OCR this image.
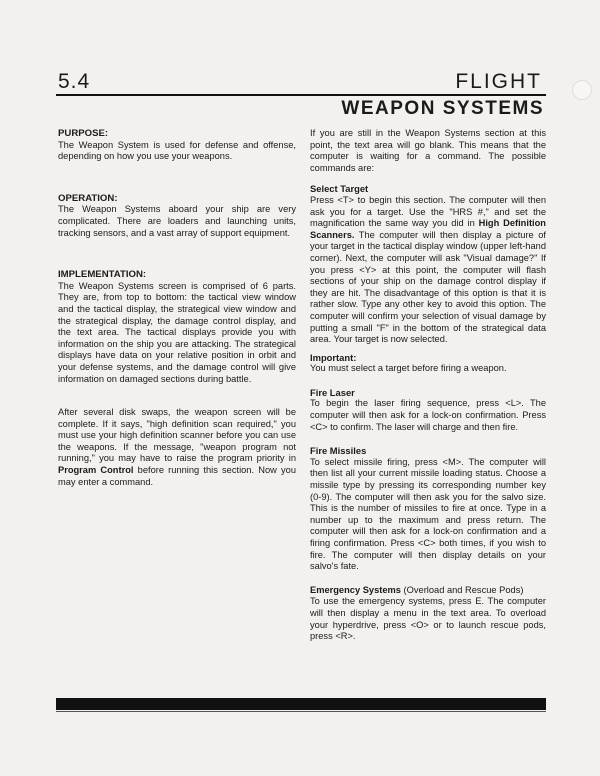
5.4	FLIGHT
WEAPON SYSTEMS
PURPOSE:

The Weapon System is used for defense and offense, depending on how you use your weapons.

OPERATION:

The Weapon Systems aboard your ship are very complicated. There are loaders and launching units, tracking sensors, and a vast array of support equipment.

IMPLEMENTATION:

The Weapon Systems screen is comprised of 6 parts. They are, from top to bottom: the tactical view window and the tactical display, the strategical view window and the strategical display, the damage control display, and the text area. The tactical displays provide you with information on the ship you are attacking. The strategical displays have data on your relative position in orbit and your defense systems, and the damage control will give information on damaged sections during battle.

After several disk swaps, the weapon screen will be complete. If it says, "high definition scan required," you must use your high definition scanner before you can use the weapons. If the message, "weapon program not running," you may have to raise the program priority in Program Control before running this section. Now you may enter a command.

If you are still in the Weapon Systems section at this point, the text area will go blank. This means that the computer is waiting for a command. The possible commands are:

Select Target

Press <T> to begin this section. The computer will then ask you for a target. Use the "HRS #," and set the magnification the same way you did in High Definition Scanners. The computer will then display a picture of your target in the tactical display window (upper left-hand corner). Next, the computer will ask "Visual damage?" If you press <Y> at this point, the computer will flash sections of your ship on the damage control display if they are hit. The disadvantage of this option is that it is rather slow. Type any other key to avoid this option. The computer will confirm your selection of visual damage by putting a small "F" in the bottom of the strategical data area. Your target is now selected.

Important:

You must select a target before firing a weapon.

Fire Laser

To begin the laser firing sequence, press <L>. The computer will then ask for a lock-on confirmation. Press <C> to confirm. The laser will charge and then fire.

Fire Missiles

To select missile firing, press <M>. The computer will then list all your current missile loading status. Choose a missile type by pressing its corresponding number key (0-9). The computer will then ask you for the salvo size. This is the number of missiles to fire at once. Type in a number up to the maximum and press return. The computer will then ask for a lock-on confirmation and a firing confirmation. Press <C> both times, if you wish to fire. The computer will then display details on your salvo's fate.

Emergency Systems (Overload and Rescue Pods)

To use the emergency systems, press E. The computer will then display a menu in the text area. To overload your hyperdrive, press <O> or to launch rescue pods, press <R>.
